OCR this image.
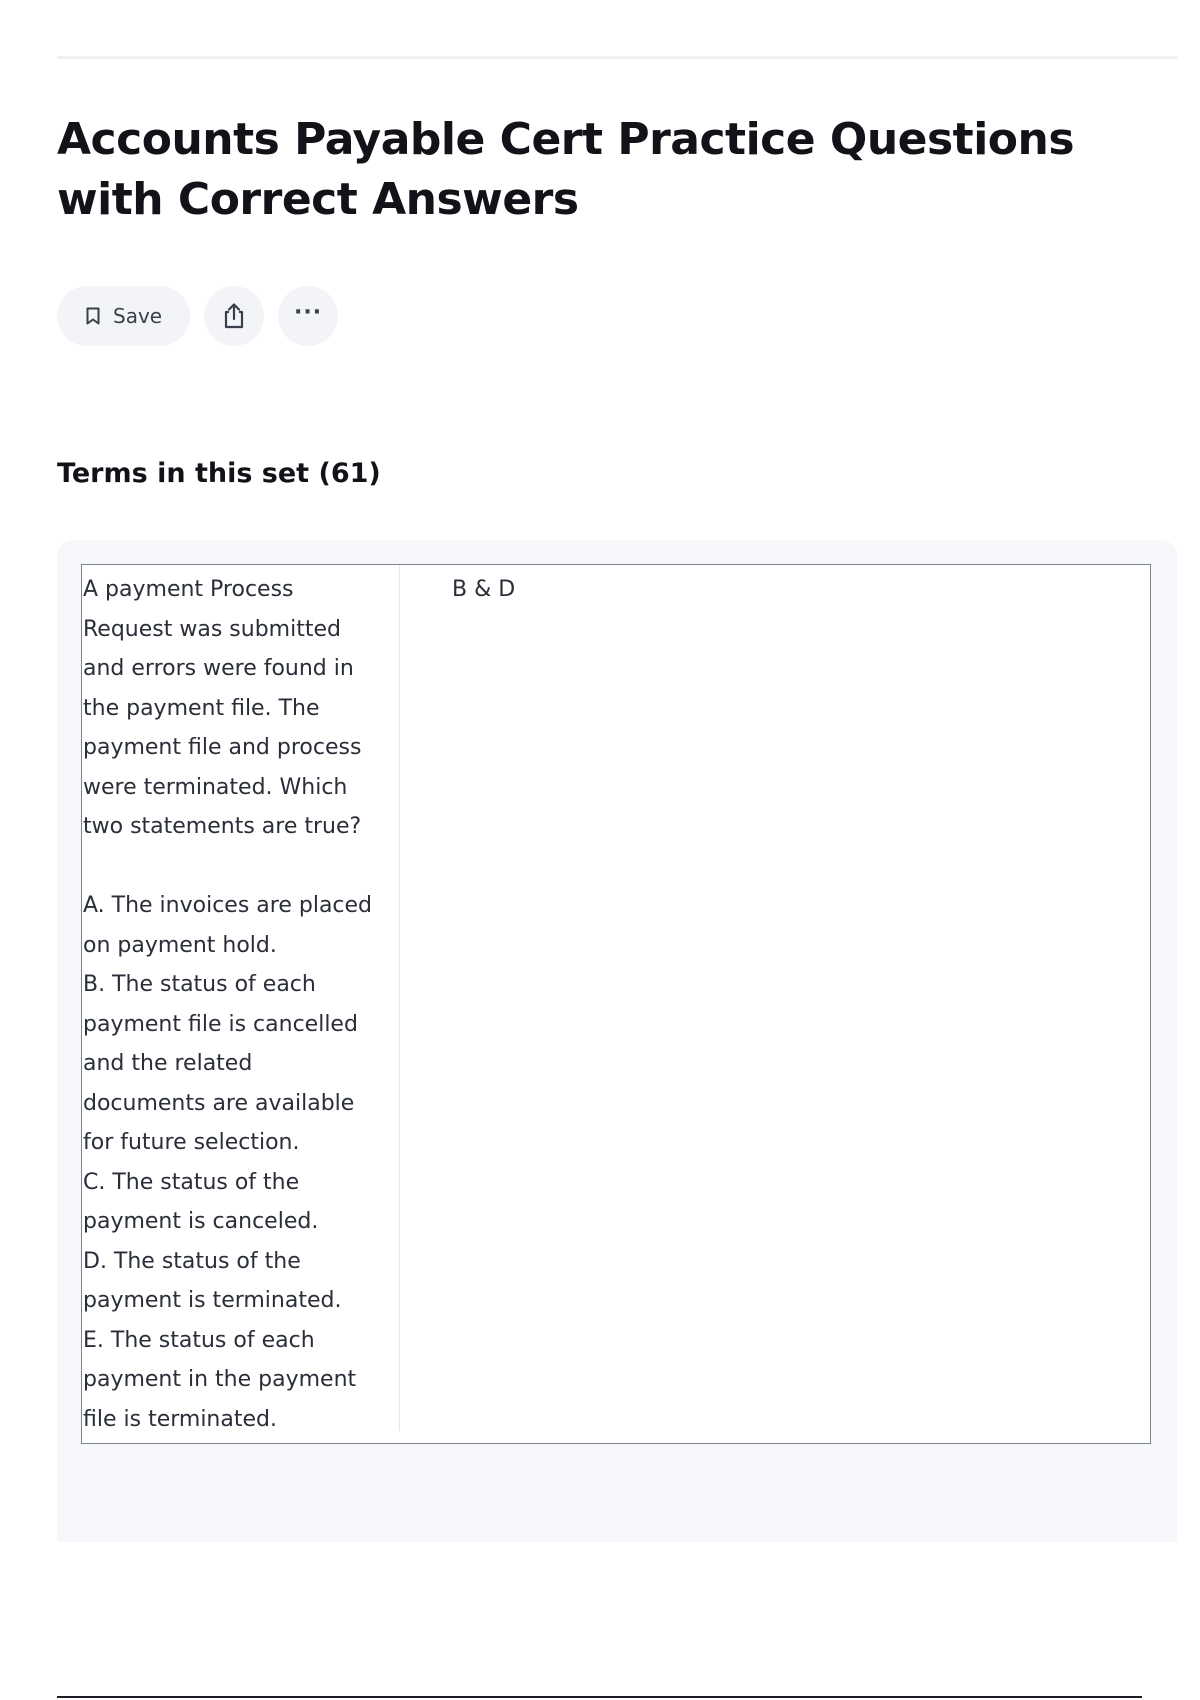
Accounts Payable Cert Practice Questions with Correct Answers
Save	···
Terms in this set (61)
A payment Process
Request was submitted
and errors were found in
the payment file. The
payment file and process
were terminated. Which
two statements are true?

A. The invoices are placed
on payment hold.
B. The status of each
payment file is cancelled
and the related
documents are available
for future selection.
C. The status of the
payment is canceled.
D. The status of the
payment is terminated.
E. The status of each
payment in the payment
file is terminated.
B & D
